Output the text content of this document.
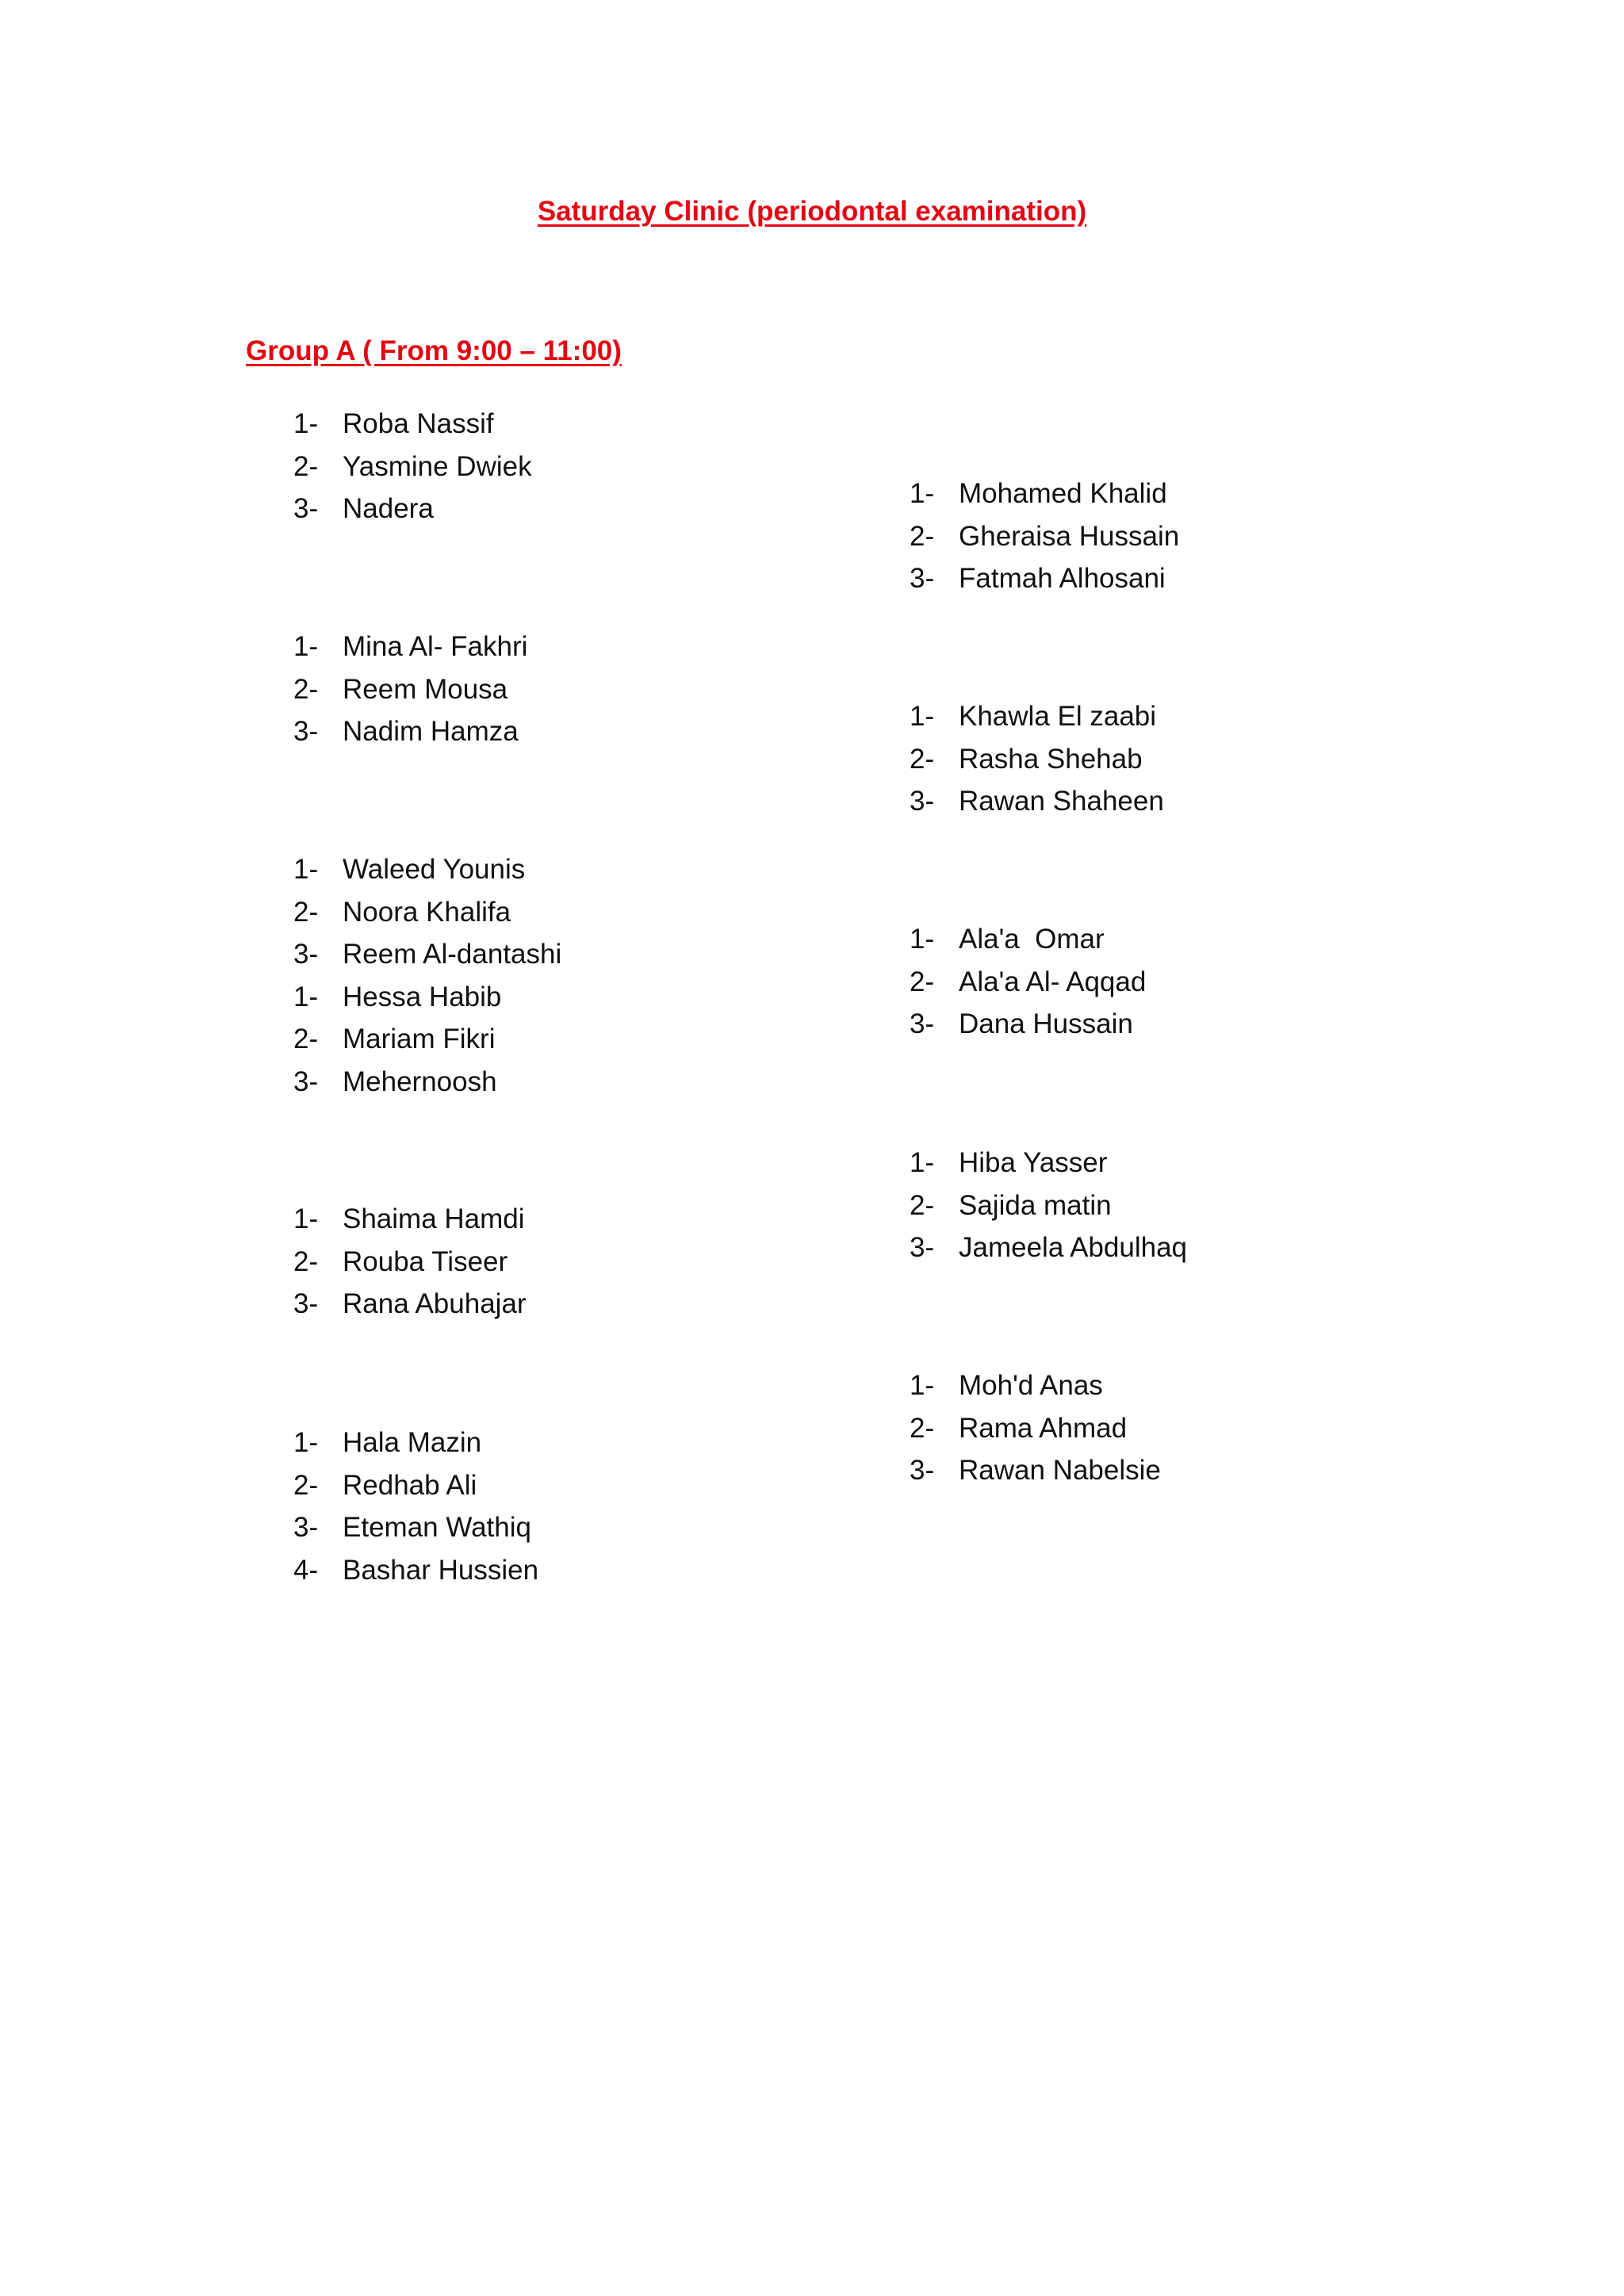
Saturday Clinic (periodontal examination)
Group A ( From 9:00 – 11:00)
1- Roba Nassif
2- Yasmine Dwiek
3- Nadera
1- Mina Al- Fakhri
2- Reem Mousa
3- Nadim Hamza
1- Waleed Younis
2- Noora Khalifa
3- Reem Al-dantashi
1- Hessa Habib
2- Mariam Fikri
3- Mehernoosh
1- Shaima Hamdi
2- Rouba Tiseer
3- Rana Abuhajar
1- Hala Mazin
2- Redhab Ali
3- Eteman Wathiq
4- Bashar Hussien
1- Mohamed Khalid
2- Gheraisa Hussain
3- Fatmah Alhosani
1- Khawla El zaabi
2- Rasha Shehab
3- Rawan Shaheen
1- Ala'a  Omar
2- Ala'a Al- Aqqad
3- Dana Hussain
1- Hiba Yasser
2- Sajida matin
3- Jameela Abdulhaq
1- Moh'd Anas
2- Rama Ahmad
3- Rawan Nabelsie
